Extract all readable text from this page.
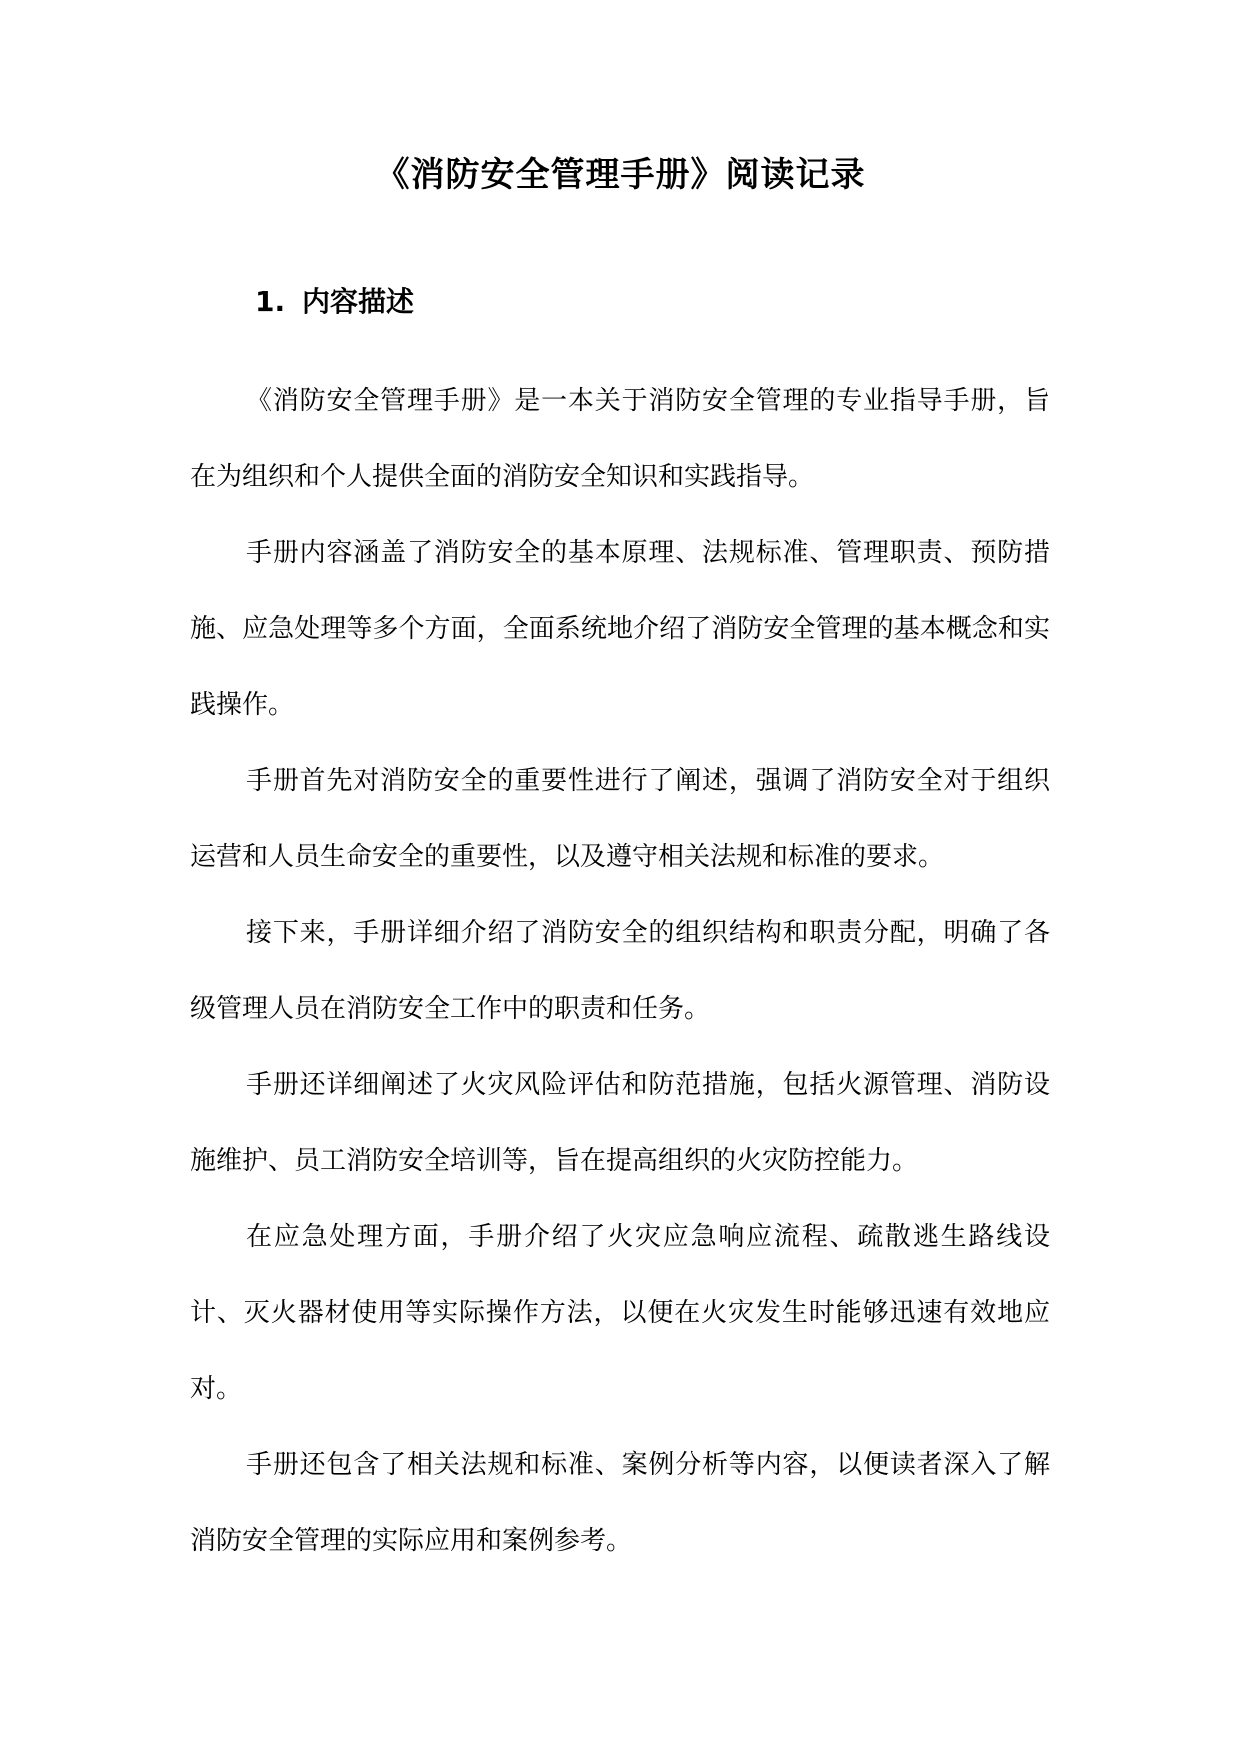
《消防安全管理手册》阅读记录
1. 内容描述

《消防安全管理手册》是一本关于消防安全管理的专业指导手册，旨在为组织和个人提供全面的消防安全知识和实践指导。

手册内容涵盖了消防安全的基本原理、法规标准、管理职责、预防措施、应急处理等多个方面，全面系统地介绍了消防安全管理的基本概念和实践操作。

手册首先对消防安全的重要性进行了阐述，强调了消防安全对于组织运营和人员生命安全的重要性，以及遵守相关法规和标准的要求。

接下来，手册详细介绍了消防安全的组织结构和职责分配，明确了各级管理人员在消防安全工作中的职责和任务。

手册还详细阐述了火灾风险评估和防范措施，包括火源管理、消防设施维护、员工消防安全培训等，旨在提高组织的火灾防控能力。

在应急处理方面，手册介绍了火灾应急响应流程、疏散逃生路线设计、灭火器材使用等实际操作方法，以便在火灾发生时能够迅速有效地应对。

手册还包含了相关法规和标准、案例分析等内容，以便读者深入了解消防安全管理的实际应用和案例参考。
